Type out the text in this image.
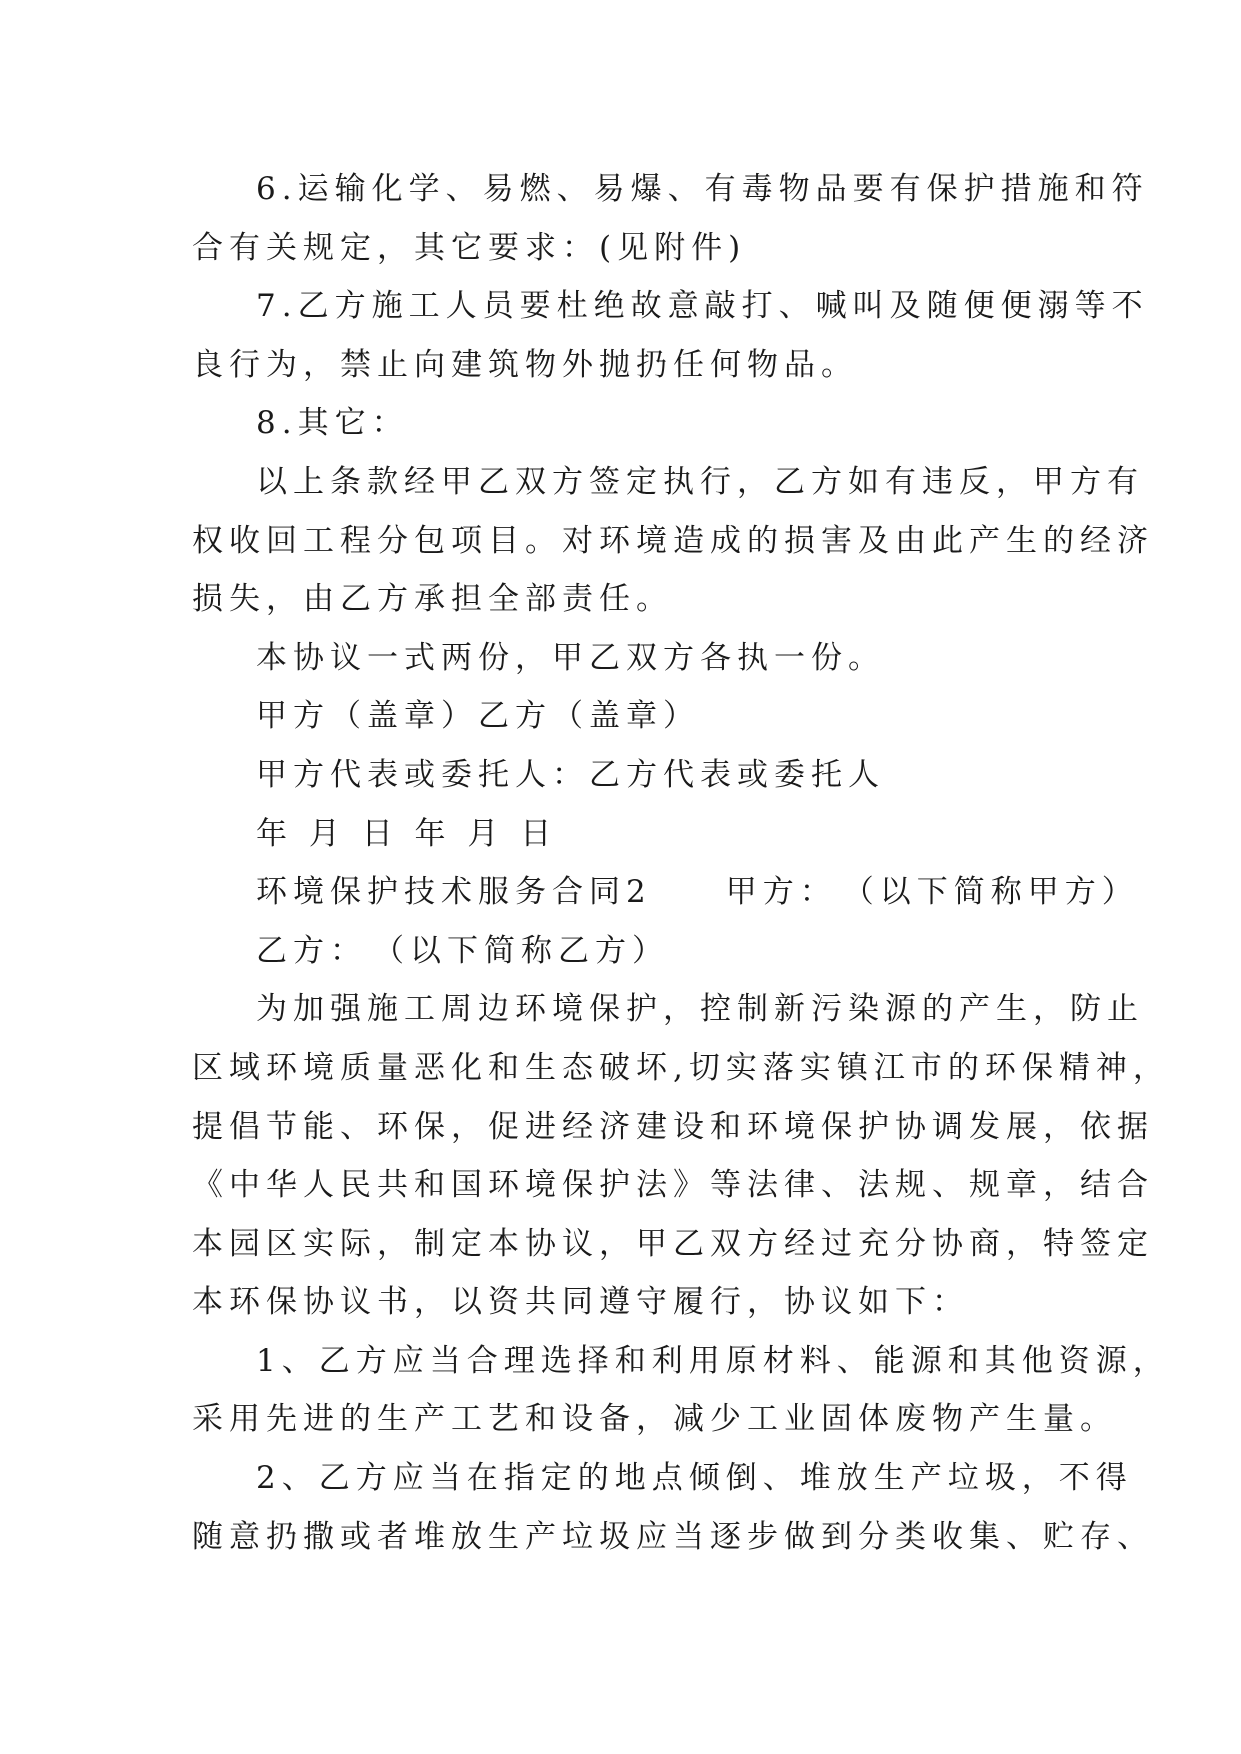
6.运输化学、易燃、易爆、有毒物品要有保护措施和符

合有关规定，其它要求：(见附件)

7.乙方施工人员要杜绝故意敲打、喊叫及随便便溺等不

良行为，禁止向建筑物外抛扔任何物品。

8.其它：

以上条款经甲乙双方签定执行，乙方如有违反，甲方有

权收回工程分包项目。对环境造成的损害及由此产生的经济

损失，由乙方承担全部责任。

本协议一式两份，甲乙双方各执一份。

甲方（盖章）乙方（盖章）

甲方代表或委托人：乙方代表或委托人

年 月 日 年 月 日

环境保护技术服务合同2　　甲方：　（以下简称甲方）

乙方：　（以下简称乙方）

为加强施工周边环境保护，控制新污染源的产生，防止

区域环境质量恶化和生态破坏,切实落实镇江市的环保精神，

提倡节能、环保，促进经济建设和环境保护协调发展，依据

《中华人民共和国环境保护法》等法律、法规、规章，结合

本园区实际，制定本协议，甲乙双方经过充分协商，特签定

本环保协议书，以资共同遵守履行，协议如下：

1、乙方应当合理选择和利用原材料、能源和其他资源，

采用先进的生产工艺和设备，减少工业固体废物产生量。

2、乙方应当在指定的地点倾倒、堆放生产垃圾，不得

随意扔撒或者堆放生产垃圾应当逐步做到分类收集、贮存、
